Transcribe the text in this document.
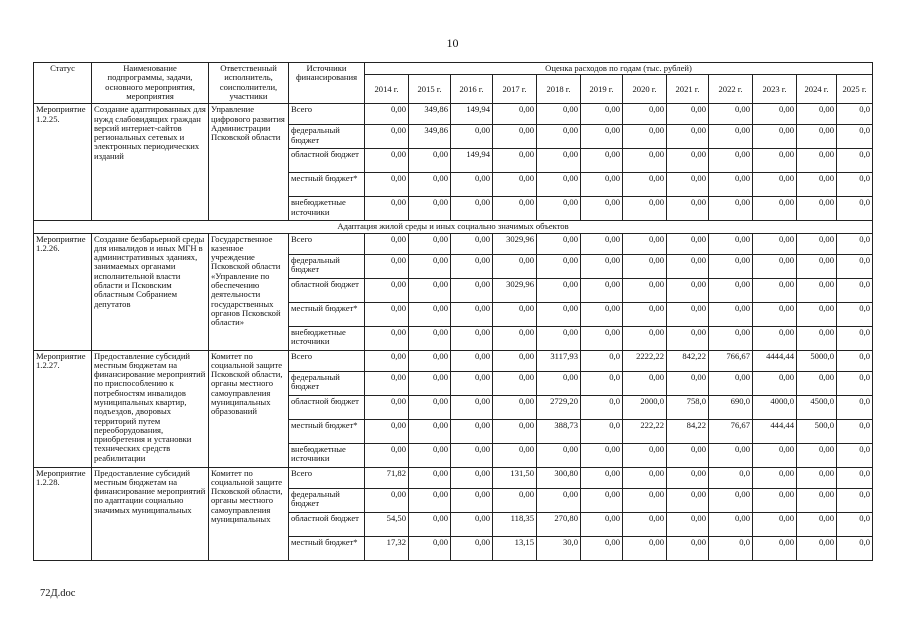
10
Статус	Наименование подпрограммы, задачи, основного мероприятия, мероприятия	Ответственный исполнитель, соисполнители, участники	Источники финансирования	Оценка расходов по годам (тыс. рублей)											
				2014 г.	2015 г.	2016 г.	2017 г.	2018 г.	2019 г.	2020 г.	2021 г.	2022 г.	2023 г.	2024 г.	2025 г.
Мероприятие 1.2.25.	Создание адаптированных для нужд слабовидящих граждан версий интернет-сайтов региональных сетевых и электронных периодических изданий	Управление цифрового развития Администрации Псковской области	Всего	0,00	349,86	149,94	0,00	0,00	0,00	0,00	0,00	0,00	0,00	0,00	0,0
			федеральный бюджет	0,00	349,86	0,00	0,00	0,00	0,00	0,00	0,00	0,00	0,00	0,00	0,0
			областной бюджет	0,00	0,00	149,94	0,00	0,00	0,00	0,00	0,00	0,00	0,00	0,00	0,0
			местный бюджет*	0,00	0,00	0,00	0,00	0,00	0,00	0,00	0,00	0,00	0,00	0,00	0,0
			внебюджетные источники	0,00	0,00	0,00	0,00	0,00	0,00	0,00	0,00	0,00	0,00	0,00	0,0
Адаптация жилой среды и иных социально значимых объектов															
Мероприятие 1.2.26.	Создание безбарьерной среды для инвалидов и иных МГН в административных зданиях, занимаемых органами исполнительной власти области и Псковским областным Собранием депутатов	Государственное казенное учреждение Псковской области «Управление по обеспечению деятельности государственных органов Псковской области»	Всего	0,00	0,00	0,00	3029,96	0,00	0,00	0,00	0,00	0,00	0,00	0,00	0,0
			федеральный бюджет	0,00	0,00	0,00	0,00	0,00	0,00	0,00	0,00	0,00	0,00	0,00	0,0
			областной бюджет	0,00	0,00	0,00	3029,96	0,00	0,00	0,00	0,00	0,00	0,00	0,00	0,0
			местный бюджет*	0,00	0,00	0,00	0,00	0,00	0,00	0,00	0,00	0,00	0,00	0,00	0,0
			внебюджетные источники	0,00	0,00	0,00	0,00	0,00	0,00	0,00	0,00	0,00	0,00	0,00	0,0
Мероприятие 1.2.27.	Предоставление субсидий местным бюджетам на финансирование мероприятий по приспособлению к потребностям инвалидов муниципальных квартир, подъездов, дворовых территорий путем переоборудования, приобретения и установки технических средств реабилитации	Комитет по социальной защите Псковской области, органы местного самоуправления муниципальных образований	Всего	0,00	0,00	0,00	0,00	3117,93	0,0	2222,22	842,22	766,67	4444,44	5000,0	0,0
			федеральный бюджет	0,00	0,00	0,00	0,00	0,00	0,0	0,00	0,00	0,00	0,00	0,00	0,0
			областной бюджет	0,00	0,00	0,00	0,00	2729,20	0,0	2000,0	758,0	690,0	4000,0	4500,0	0,0
			местный бюджет*	0,00	0,00	0,00	0,00	388,73	0,0	222,22	84,22	76,67	444,44	500,0	0,0
			внебюджетные источники	0,00	0,00	0,00	0,00	0,00	0,00	0,00	0,00	0,00	0,00	0,00	0,0
Мероприятие 1.2.28.	Предоставление субсидий местным бюджетам на финансирование мероприятий по адаптации социально значимых муниципальных	Комитет по социальной защите Псковской области, органы местного самоуправления муниципальных	Всего	71,82	0,00	0,00	131,50	300,80	0,00	0,00	0,00	0,0	0,00	0,00	0,0
			федеральный бюджет	0,00	0,00	0,00	0,00	0,00	0,00	0,00	0,00	0,00	0,00	0,00	0,0
			областной бюджет	54,50	0,00	0,00	118,35	270,80	0,00	0,00	0,00	0,00	0,00	0,00	0,0
			местный бюджет*	17,32	0,00	0,00	13,15	30,0	0,00	0,00	0,00	0,0	0,00	0,00	0,0
72Д.doc
